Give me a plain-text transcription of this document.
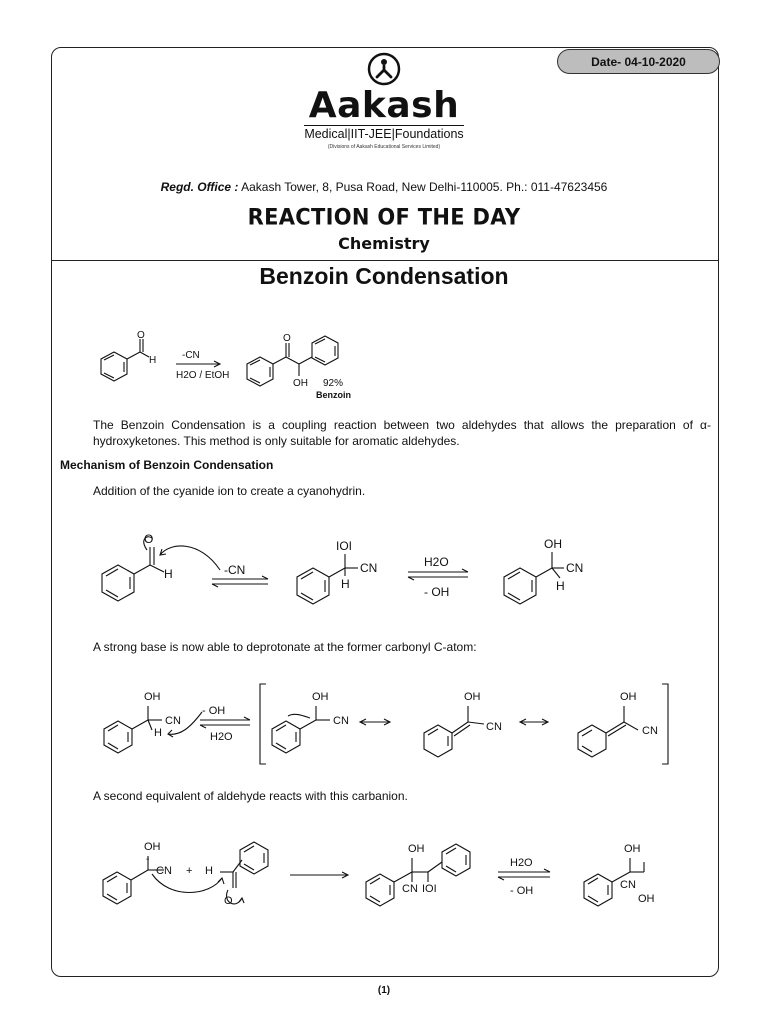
Date- 04-10-2020
Aakash
Medical|IIT-JEE|Foundations
(Divisions of Aakash Educational Services Limited)
Regd. Office : Aakash Tower, 8, Pusa Road, New Delhi-110005. Ph.: 011-47623456
REACTION OF THE DAY
Chemistry
Benzoin Condensation
O
H	-CN
H2O / EtOH
O
OH 92%
Benzoin
The Benzoin Condensation is a coupling reaction between two aldehydes that allows the preparation of α-hydroxyketones. This method is only suitable for aromatic aldehydes.
Mechanism of Benzoin Condensation
Addition of the cyanide ion to create a cyanohydrin.
O
H	-CN
IOI
CN
H
H2O
- OH
OH
CN
H
A strong base is now able to deprotonate at the former carbonyl C-atom:
OH
CN
H
- OH
H2O
OH
CN
OH
CN
OH
CN
A second equivalent of aldehyde reacts with this carbanion.
OH
-
CN + H
O
OH
CN IOI
H2O
- OH
OH
CN
OH
(1)
